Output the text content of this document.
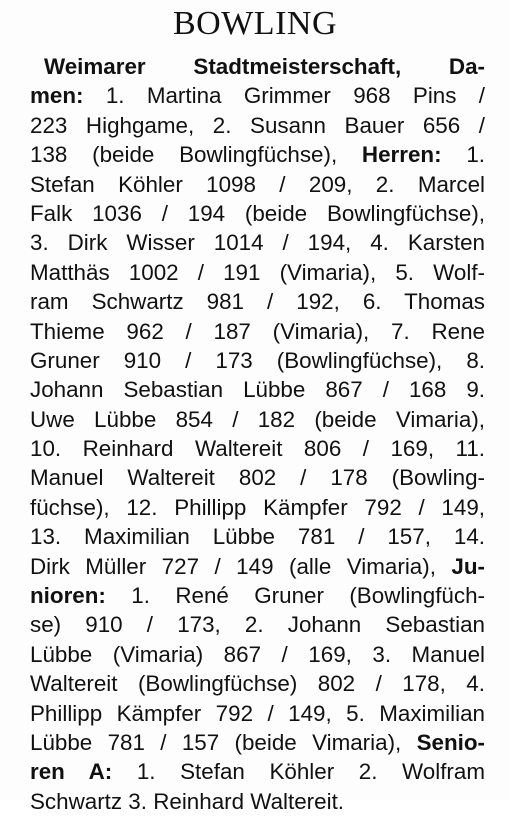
BOWLING
Weimarer Stadtmeisterschaft, Da-
men: 1. Martina Grimmer 968 Pins /
223 Highgame, 2. Susann Bauer 656 /
138 (beide Bowlingfüchse), Herren: 1.
Stefan Köhler 1098 / 209, 2. Marcel
Falk 1036 / 194 (beide Bowlingfüchse),
3. Dirk Wisser 1014 / 194, 4. Karsten
Matthäs 1002 / 191 (Vimaria), 5. Wolf-
ram Schwartz 981 / 192, 6. Thomas
Thieme 962 / 187 (Vimaria), 7. Rene
Gruner 910 / 173 (Bowlingfüchse), 8.
Johann Sebastian Lübbe 867 / 168 9.
Uwe Lübbe 854 / 182 (beide Vimaria),
10. Reinhard Waltereit 806 / 169, 11.
Manuel Waltereit 802 / 178 (Bowling-
füchse), 12. Phillipp Kämpfer 792 / 149,
13. Maximilian Lübbe 781 / 157, 14.
Dirk Müller 727 / 149 (alle Vimaria), Ju-
nioren: 1. René Gruner (Bowlingfüch-
se) 910 / 173, 2. Johann Sebastian
Lübbe (Vimaria) 867 / 169, 3. Manuel
Waltereit (Bowlingfüchse) 802 / 178, 4.
Phillipp Kämpfer 792 / 149, 5. Maximilian
Lübbe 781 / 157 (beide Vimaria), Senio-
ren A: 1. Stefan Köhler 2. Wolfram
Schwartz 3. Reinhard Waltereit.
